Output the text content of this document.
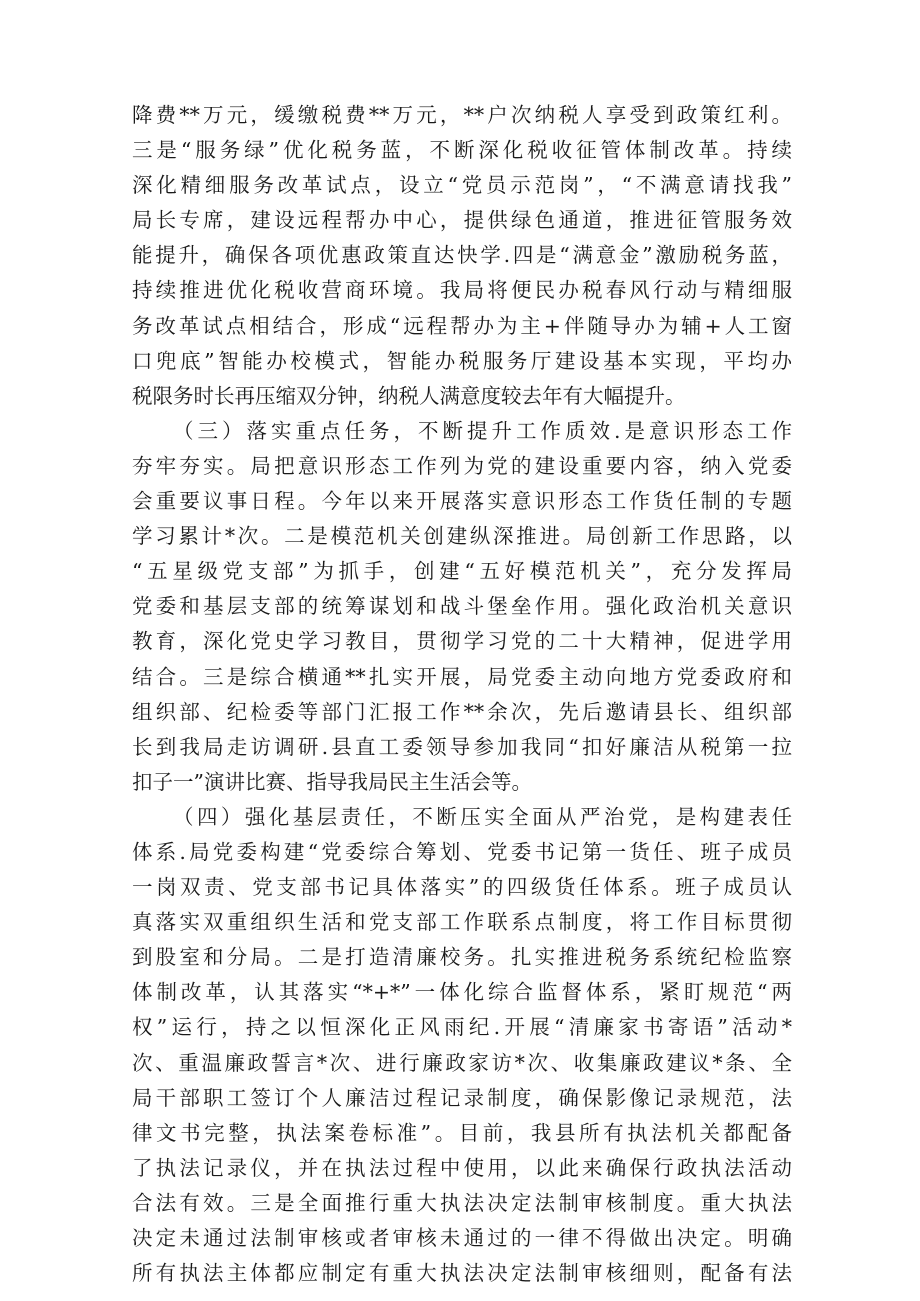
降费**万元，缓缴税费**万元，**户次纳税人享受到政策红利。
三是“服务绿”优化税务蓝，不断深化税收征管体制改革。持续
深化精细服务改革试点，设立“党员示范岗”，“不满意请找我”
局长专席，建设远程帮办中心，提供绿色通道，推进征管服务效
能提升，确保各项优惠政策直达快学.四是“满意金”激励税务蓝，
持续推进优化税收营商环境。我局将便民办税春风行动与精细服
务改革试点相结合，形成“远程帮办为主+伴随导办为辅+人工窗
口兜底”智能办校模式，智能办税服务厅建设基本实现，平均办
税限务时长再压缩双分钟，纳税人满意度较去年有大幅提升。
（三）落实重点任务，不断提升工作质效.是意识形态工作
夯牢夯实。局把意识形态工作列为党的建设重要内容，纳入党委
会重要议事日程。今年以来开展落实意识形态工作货任制的专题
学习累计*次。二是模范机关创建纵深推进。局创新工作思路，以
“五星级党支部”为抓手，创建“五好模范机关”，充分发挥局
党委和基层支部的统筹谋划和战斗堡垒作用。强化政治机关意识
教育，深化党史学习教目，贯彻学习党的二十大精神，促进学用
结合。三是综合横通**扎实开展，局党委主动向地方党委政府和
组织部、纪检委等部门汇报工作**余次，先后邀请县长、组织部
长到我局走访调研.县直工委领导参加我同“扣好廉洁从税第一拉
扣子一”演讲比赛、指导我局民主生活会等。
（四）强化基层责任，不断压实全面从严治党，是构建表任
体系.局党委构建“党委综合筹划、党委书记第一货任、班子成员
一岗双责、党支部书记具体落实”的四级货任体系。班子成员认
真落实双重组织生活和党支部工作联系点制度，将工作目标贯彻
到股室和分局。二是打造清廉校务。扎实推进税务系统纪检监察
体制改革，认其落实“*+*”一体化综合监督体系，紧盯规范“两
权”运行，持之以恒深化正风雨纪.开展“清廉家书寄语”活动*
次、重温廉政誓言*次、进行廉政家访*次、收集廉政建议*条、全
局干部职工签订个人廉洁过程记录制度，确保影像记录规范，法
律文书完整，执法案卷标准”。目前，我县所有执法机关都配备
了执法记录仪，并在执法过程中使用，以此来确保行政执法活动
合法有效。三是全面推行重大执法决定法制审核制度。重大执法
决定未通过法制审核或者审核未通过的一律不得做出决定。明确
所有执法主体都应制定有重大执法决定法制审核细则，配备有法
